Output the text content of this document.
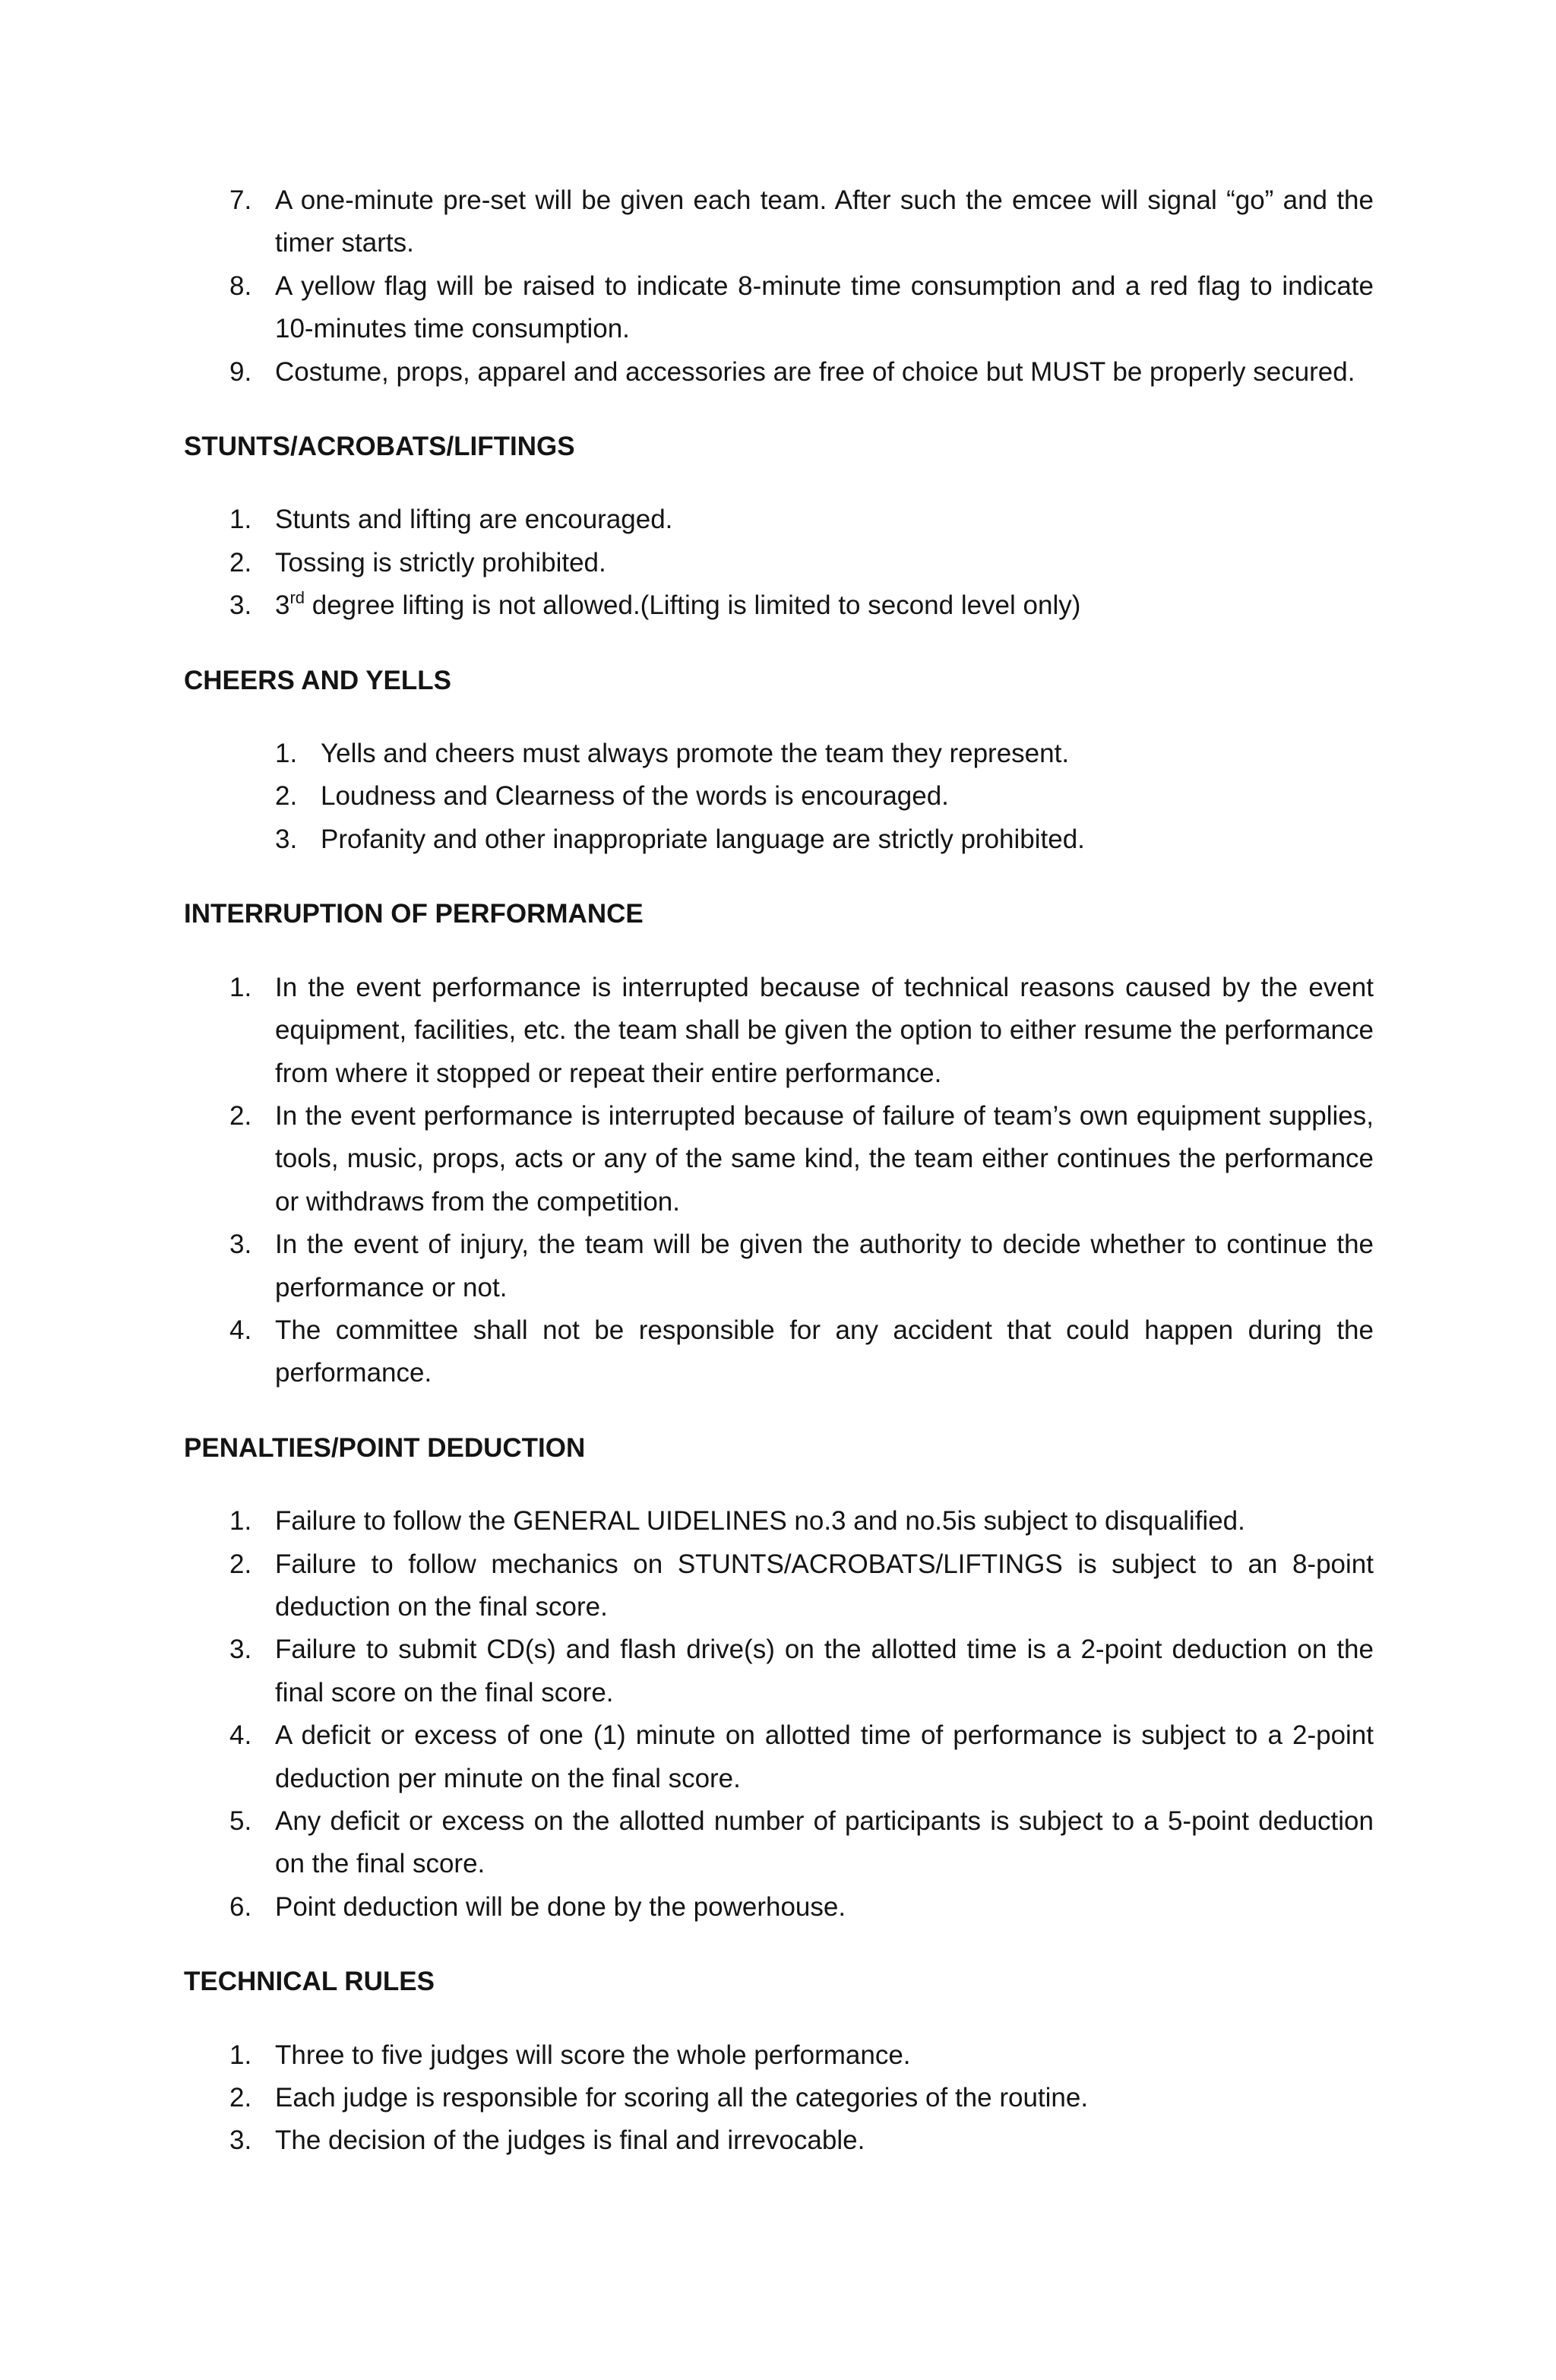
7. A one-minute pre-set will be given each team. After such the emcee will signal “go” and the timer starts.
8. A yellow flag will be raised to indicate 8-minute time consumption and a red flag to indicate 10-minutes time consumption.
9. Costume, props, apparel and accessories are free of choice but MUST be properly secured.
STUNTS/ACROBATS/LIFTINGS
1. Stunts and lifting are encouraged.
2. Tossing is strictly prohibited.
3. 3rd degree lifting is not allowed.(Lifting is limited to second level only)
CHEERS AND YELLS
1. Yells and cheers must always promote the team they represent.
2. Loudness and Clearness of the words is encouraged.
3. Profanity and other inappropriate language are strictly prohibited.
INTERRUPTION OF PERFORMANCE
1. In the event performance is interrupted because of technical reasons caused by the event equipment, facilities, etc. the team shall be given the option to either resume the performance from where it stopped or repeat their entire performance.
2. In the event performance is interrupted because of failure of team’s own equipment supplies, tools, music, props, acts or any of the same kind, the team either continues the performance or withdraws from the competition.
3. In the event of injury, the team will be given the authority to decide whether to continue the performance or not.
4. The committee shall not be responsible for any accident that could happen during the performance.
PENALTIES/POINT DEDUCTION
1. Failure to follow the GENERAL UIDELINES no.3 and no.5is subject to disqualified.
2. Failure to follow mechanics on STUNTS/ACROBATS/LIFTINGS is subject to an 8-point deduction on the final score.
3. Failure to submit CD(s) and flash drive(s) on the allotted time is a 2-point deduction on the final score on the final score.
4. A deficit or excess of one (1) minute on allotted time of performance is subject to a 2-point deduction per minute on the final score.
5. Any deficit or excess on the allotted number of participants is subject to a 5-point deduction on the final score.
6. Point deduction will be done by the powerhouse.
TECHNICAL RULES
1. Three to five judges will score the whole performance.
2. Each judge is responsible for scoring all the categories of the routine.
3. The decision of the judges is final and irrevocable.
